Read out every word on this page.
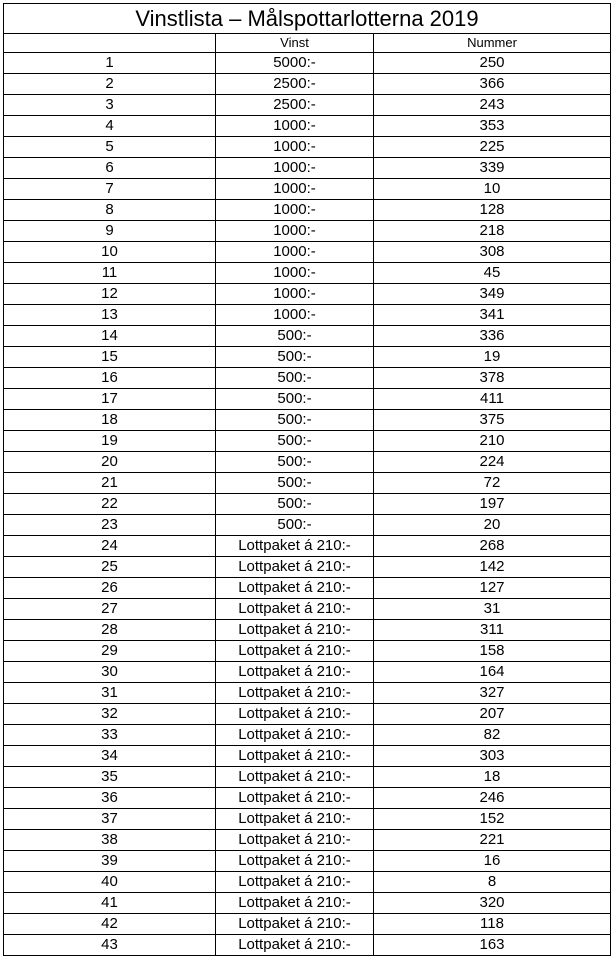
Vinstlista – Målspottarlotterna 2019		
	Vinst	Nummer
1	5000:-	250
2	2500:-	366
3	2500:-	243
4	1000:-	353
5	1000:-	225
6	1000:-	339
7	1000:-	10
8	1000:-	128
9	1000:-	218
10	1000:-	308
11	1000:-	45
12	1000:-	349
13	1000:-	341
14	500:-	336
15	500:-	19
16	500:-	378
17	500:-	411
18	500:-	375
19	500:-	210
20	500:-	224
21	500:-	72
22	500:-	197
23	500:-	20
24	Lottpaket á 210:-	268
25	Lottpaket á 210:-	142
26	Lottpaket á 210:-	127
27	Lottpaket á 210:-	31
28	Lottpaket á 210:-	311
29	Lottpaket á 210:-	158
30	Lottpaket á 210:-	164
31	Lottpaket á 210:-	327
32	Lottpaket á 210:-	207
33	Lottpaket á 210:-	82
34	Lottpaket á 210:-	303
35	Lottpaket á 210:-	18
36	Lottpaket á 210:-	246
37	Lottpaket á 210:-	152
38	Lottpaket á 210:-	221
39	Lottpaket á 210:-	16
40	Lottpaket á 210:-	8
41	Lottpaket á 210:-	320
42	Lottpaket á 210:-	118
43	Lottpaket á 210:-	163
